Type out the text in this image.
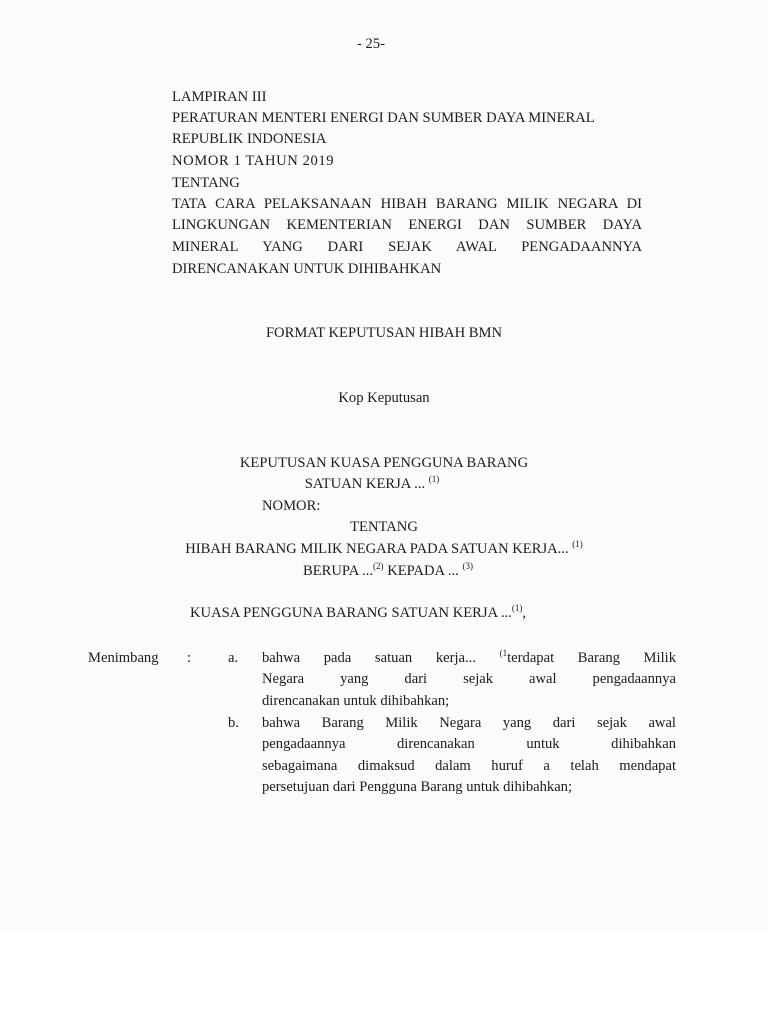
- 25-
LAMPIRAN III
PERATURAN MENTERI ENERGI DAN SUMBER DAYA MINERAL
REPUBLIK INDONESIA
NOMOR 1 TAHUN 2019
TENTANG
TATA CARA PELAKSANAAN HIBAH BARANG MILIK NEGARA DI
LINGKUNGAN KEMENTERIAN ENERGI DAN SUMBER DAYA
MINERAL YANG DARI SEJAK AWAL PENGADAANNYA
DIRENCANAKAN UNTUK DIHIBAHKAN
FORMAT KEPUTUSAN HIBAH BMN
Kop Keputusan
KEPUTUSAN KUASA PENGGUNA BARANG
SATUAN KERJA ... $^{(1)}$
NOMOR:
TENTANG
HIBAH BARANG MILIK NEGARA PADA SATUAN KERJA... $^{(1)}$
BERUPA ...$^{(2)}$ KEPADA ... $^{(3)}$
KUASA PENGGUNA BARANG SATUAN KERJA ...$^{(1)}$,
Menimbang :	a. bahwa pada satuan kerja... $^{(1}$terdapat Barang Milik
Negara yang dari sejak awal pengadaannya
direncanakan untuk dihibahkan;
b. bahwa Barang Milik Negara yang dari sejak awal
pengadaannya direncanakan untuk dihibahkan
sebagaimana dimaksud dalam huruf a telah mendapat
persetujuan dari Pengguna Barang untuk dihibahkan;
